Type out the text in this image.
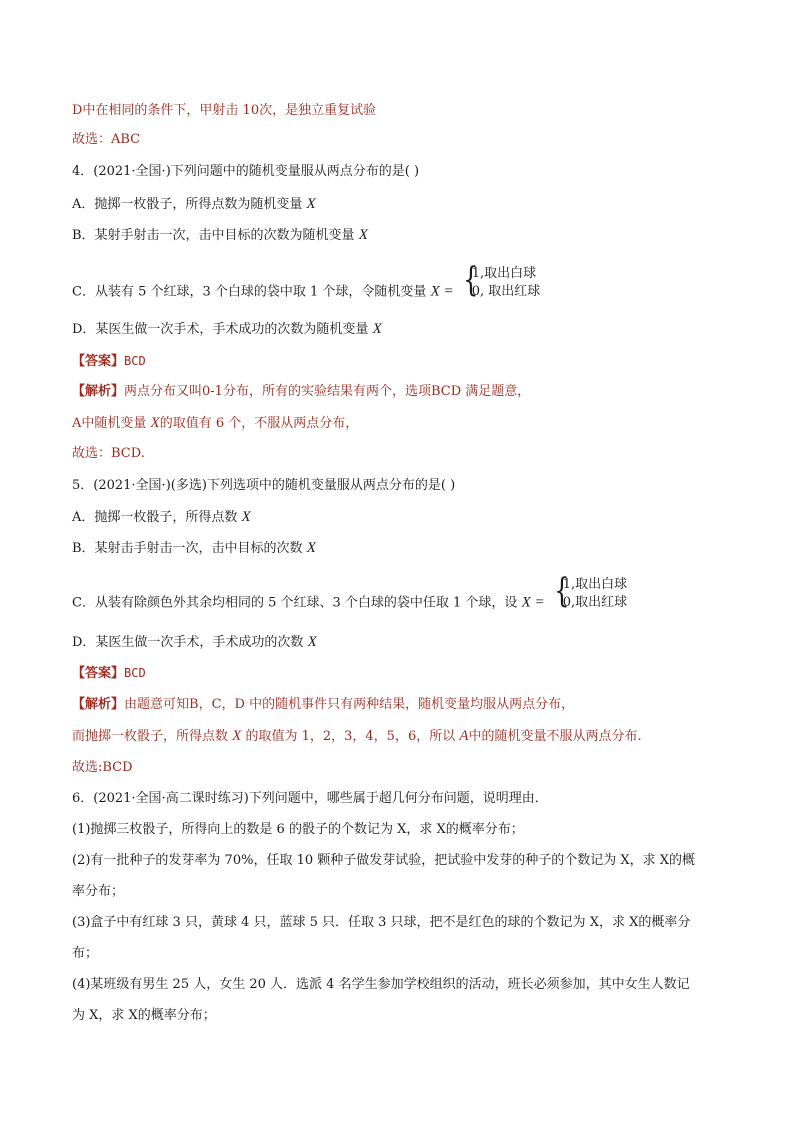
D中在相同的条件下，甲射击 10次，是独立重复试验
故选：ABC
4．(2021·全国·)下列问题中的随机变量服从两点分布的是( )
A．抛掷一枚骰子，所得点数为随机变量 X
B．某射手射击一次，击中目标的次数为随机变量 X
C．从装有 5 个红球，3 个白球的袋中取 1 个球，令随机变量 X = {
1,取出白球
0, 取出红球
D．某医生做一次手术，手术成功的次数为随机变量 X
【答案】BCD
【解析】两点分布又叫0-1分布，所有的实验结果有两个，选项BCD 满足题意，
A中随机变量 X的取值有 6 个，不服从两点分布，
故选：BCD.
5．(2021·全国·)(多选)下列选项中的随机变量服从两点分布的是( )
A．抛掷一枚骰子，所得点数 X
B．某射击手射击一次，击中目标的次数 X
C．从装有除颜色外其余均相同的 5 个红球、3 个白球的袋中任取 1 个球，设 X = {
1,取出白球
0,取出红球
D．某医生做一次手术，手术成功的次数 X
【答案】BCD
【解析】由题意可知B，C，D 中的随机事件只有两种结果，随机变量均服从两点分布，
而抛掷一枚骰子，所得点数 X 的取值为 1，2，3，4，5，6，所以 A中的随机变量不服从两点分布.
故选:BCD
6．(2021·全国·高二课时练习)下列问题中，哪些属于超几何分布问题，说明理由．
(1)抛掷三枚骰子，所得向上的数是 6 的骰子的个数记为 X，求 X的概率分布；
(2)有一批种子的发芽率为 70%，任取 10 颗种子做发芽试验，把试验中发芽的种子的个数记为 X，求 X的概
率分布；
(3)盒子中有红球 3 只，黄球 4 只，蓝球 5 只．任取 3 只球，把不是红色的球的个数记为 X，求 X的概率分
布；
(4)某班级有男生 25 人，女生 20 人．选派 4 名学生参加学校组织的活动，班长必须参加，其中女生人数记
为 X，求 X的概率分布；
